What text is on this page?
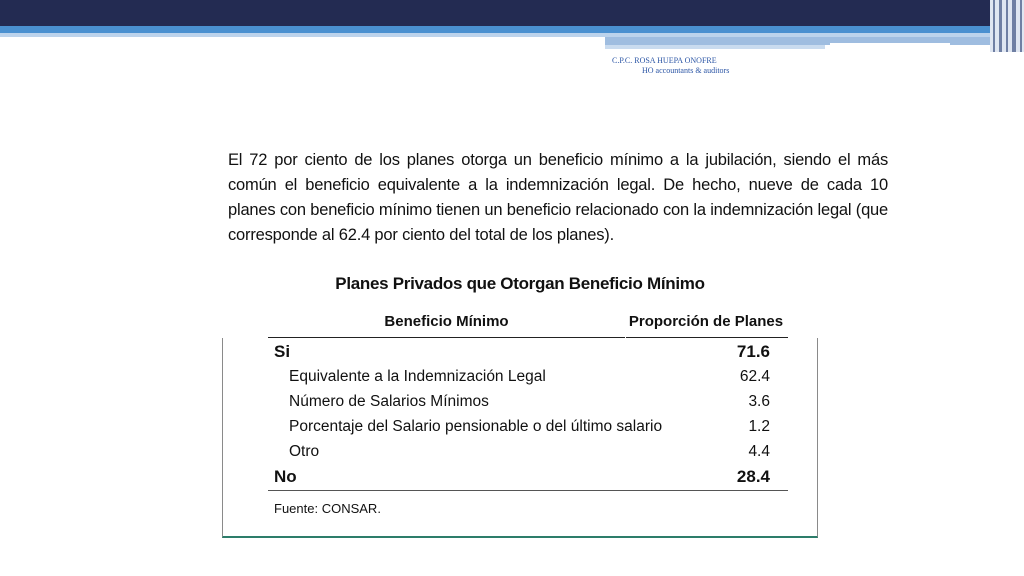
C.P.C. ROSA HUEPA ONOFRE
HO accountants & auditors
El 72 por ciento de los planes otorga un beneficio mínimo a la jubilación, siendo el más común el beneficio equivalente a la indemnización legal. De hecho, nueve de cada 10 planes con beneficio mínimo tienen un beneficio relacionado con la indemnización legal (que corresponde al 62.4 por ciento del total de los planes).
Planes Privados que Otorgan Beneficio Mínimo
Beneficio Mínimo	Proporción de Planes
Si	71.6
Equivalente a la Indemnización Legal	62.4
Número de Salarios Mínimos	3.6
Porcentaje del Salario pensionable o del último salario	1.2
Otro	4.4
No	28.4
Fuente: CONSAR.
